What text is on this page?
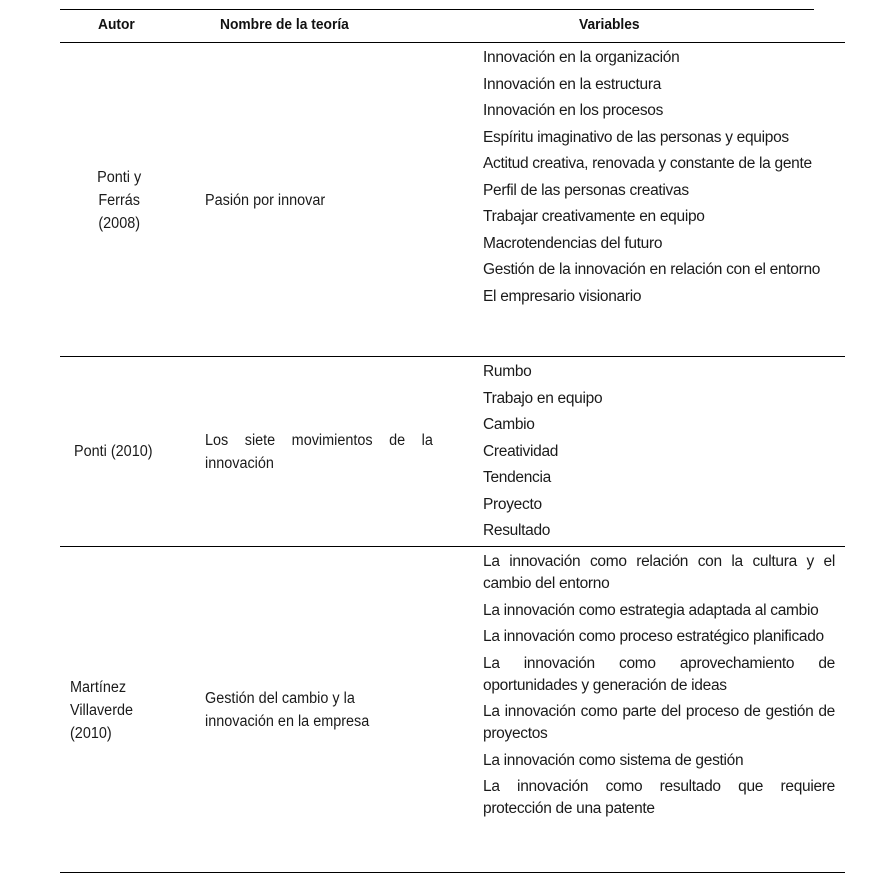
Autor	Nombre de la teoría	Variables
Ponti y
Ferrás
(2008)
Pasión por innovar
Innovación en la organización
Innovación en la estructura
Innovación en los procesos
Espíritu imaginativo de las personas y equipos
Actitud creativa, renovada y constante de la gente
Perfil de las personas creativas
Trabajar creativamente en equipo
Macrotendencias del futuro
Gestión de la innovación en relación con el entorno
El empresario visionario
Ponti (2010)
Los siete movimientos de la
innovación
Rumbo
Trabajo en equipo
Cambio
Creatividad
Tendencia
Proyecto
Resultado
Martínez
Villaverde
(2010)
Gestión del cambio y la
innovación en la empresa
La innovación como relación con la cultura y el cambio del entorno
La innovación como estrategia adaptada al cambio
La innovación como proceso estratégico planificado
La innovación como aprovechamiento de oportunidades y generación de ideas
La innovación como parte del proceso de gestión de proyectos
La innovación como sistema de gestión
La innovación como resultado que requiere protección de una patente
